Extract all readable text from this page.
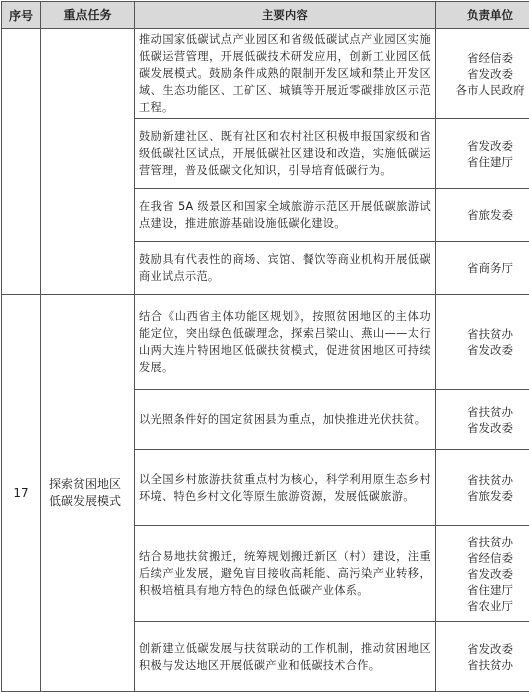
序号	重点任务	主要内容	负责单位
		推动国家低碳试点产业园区和省级低碳试点产业园区实施低碳运营管理，开展低碳技术研发应用，创新工业园区低碳发展模式。鼓励条件成熟的限制开发区域和禁止开发区域、生态功能区、工矿区、城镇等开展近零碳排放区示范工程。	省经信委
省发改委
各市人民政府

		鼓励新建社区、既有社区和农村社区积极申报国家级和省级低碳社区试点，开展低碳社区建设和改造，实施低碳运营管理，普及低碳文化知识，引导培育低碳行为。	省发改委
省住建厅

		在我省 5A 级景区和国家全域旅游示范区开展低碳旅游试点建设，推进旅游基础设施低碳化建设。	省旅发委

		鼓励具有代表性的商场、宾馆、餐饮等商业机构开展低碳商业试点示范。	省商务厅

17	探索贫困地区低碳发展模式	结合《山西省主体功能区规划》，按照贫困地区的主体功能定位，突出绿色低碳理念，探索吕梁山、燕山——太行山两大连片特困地区低碳扶贫模式，促进贫困地区可持续发展。	省扶贫办
省发改委

		以光照条件好的国定贫困县为重点，加快推进光伏扶贫。	省扶贫办
省发改委

		以全国乡村旅游扶贫重点村为核心，科学利用原生态乡村环境、特色乡村文化等原生旅游资源，发展低碳旅游。	省扶贫办
省旅发委

		结合易地扶贫搬迁，统筹规划搬迁新区（村）建设，注重后续产业发展，避免盲目接收高耗能、高污染产业转移，积极培植具有地方特色的绿色低碳产业体系。	省扶贫办
省经信委
省发改委
省住建厅
省农业厅

		创新建立低碳发展与扶贫联动的工作机制，推动贫困地区积极与发达地区开展低碳产业和低碳技术合作。	省发改委
省扶贫办
